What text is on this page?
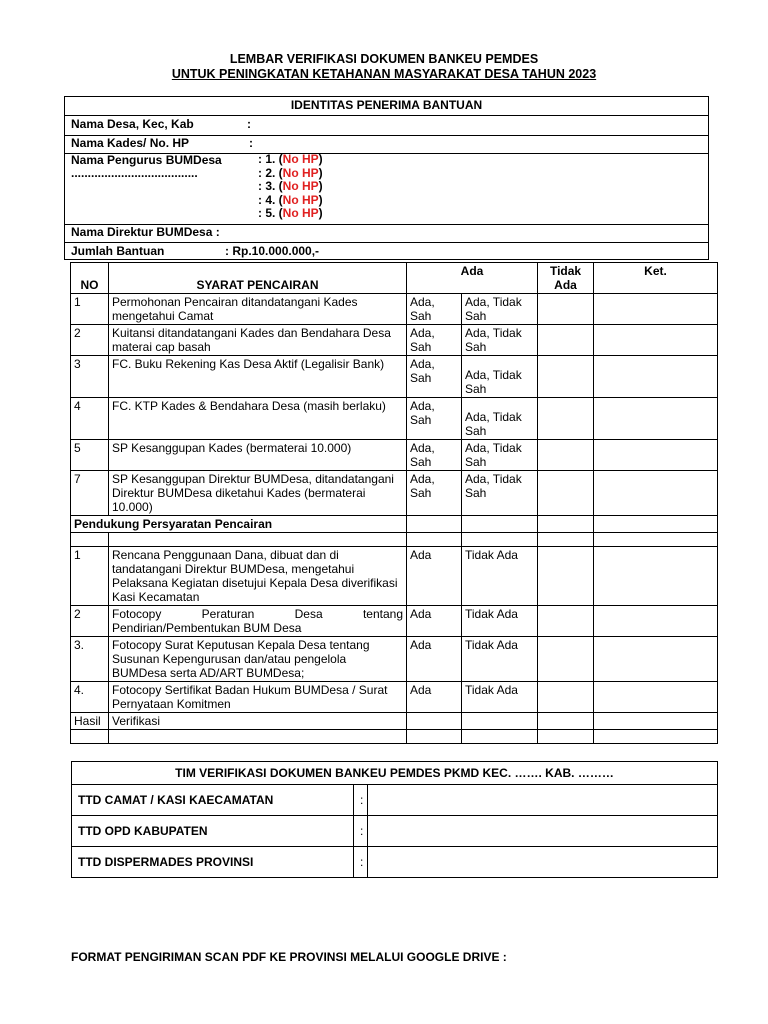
LEMBAR VERIFIKASI DOKUMEN BANKEU PEMDES
UNTUK PENINGKATAN KETAHANAN MASYARAKAT DESA TAHUN 2023
IDENTITAS PENERIMA BANTUAN
Nama Desa, Kec, Kab	:
Nama Kades/ No. HP	:
Nama Pengurus BUMDesa
......................................
: 1. (No HP)
: 2. (No HP)
: 3. (No HP)
: 4. (No HP)
: 5. (No HP)
Nama Direktur BUMDesa :
Jumlah Bantuan	: Rp.10.000.000,-
NO	SYARAT PENCAIRAN	Ada		Tidak Ada	Ket.
1	Permohonan Pencairan ditandatangani Kades mengetahui Camat	Ada, Sah	Ada, Tidak Sah		
2	Kuitansi ditandatangani Kades dan Bendahara Desa materai cap basah	Ada, Sah	Ada, Tidak Sah		
3	FC. Buku Rekening Kas Desa Aktif (Legalisir Bank)	Ada, Sah	Ada, Tidak Sah		
4	FC. KTP Kades & Bendahara Desa (masih berlaku)	Ada, Sah	Ada, Tidak Sah		
5	SP Kesanggupan Kades (bermaterai 10.000)	Ada, Sah	Ada, Tidak Sah		
7	SP Kesanggupan Direktur BUMDesa, ditandatangani Direktur BUMDesa diketahui Kades (bermaterai 10.000)	Ada, Sah	Ada, Tidak Sah		
Pendukung Persyaratan Pencairan					

1	Rencana Penggunaan Dana, dibuat dan di tandatangani Direktur BUMDesa, mengetahui Pelaksana Kegiatan disetujui Kepala Desa diverifikasi Kasi Kecamatan	Ada	Tidak Ada		
2	Fotocopy Peraturan Desa tentang Pendirian/Pembentukan BUM Desa	Ada	Tidak Ada		
3.	Fotocopy Surat Keputusan Kepala Desa tentang Susunan Kepengurusan dan/atau pengelola BUMDesa serta AD/ART BUMDesa;	Ada	Tidak Ada		
4.	Fotocopy Sertifikat Badan Hukum BUMDesa / Surat Pernyataan Komitmen	Ada	Tidak Ada		
Hasil	Verifikasi				

TIM VERIFIKASI DOKUMEN BANKEU PEMDES PKMD KEC. ……. KAB. ………		
TTD CAMAT / KASI KAECAMATAN	:	
TTD OPD KABUPATEN	:	
TTD DISPERMADES PROVINSI	:	
FORMAT PENGIRIMAN SCAN PDF KE PROVINSI MELALUI GOOGLE DRIVE :
